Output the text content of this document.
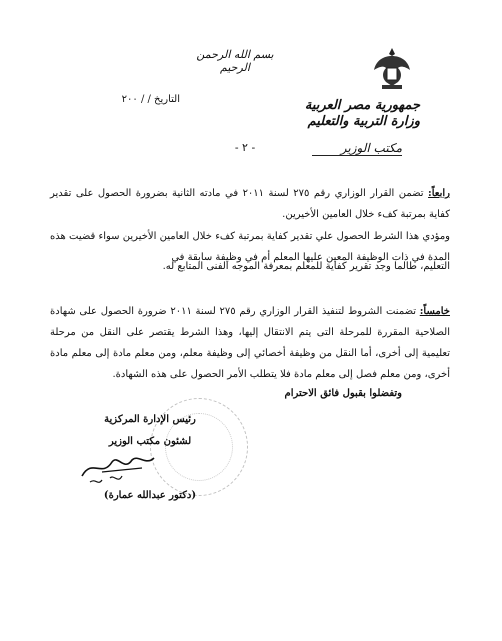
بسم الله الرحمن الرحيم
التاريخ / / ٢٠٠	جمهورية مصر العربية
وزارة التربية والتعليم
مكتب الوزير
- ٢ -
رابعاً: تضمن القرار الوزاري رقم ٢٧٥ لسنة ٢٠١١ في مادته الثانية بضرورة الحصول على تقدير كفاية بمرتبة كفء خلال العامين الأخيرين.
ومؤدي هذا الشرط الحصول علي تقدير كفاية بمرتبة كفء خلال العامين الأخيرين سواء قضيت هذه المدة في ذات الوظيفة المعين عليها المعلم أم في وظيفة سابقة في
التعليم، طالما وجد تقرير كفاية للمعلم بمعرفة الموجه الفنى المتابع له.
خامساً: تضمنت الشروط لتنفيذ القرار الوزاري رقم ٢٧٥ لسنة ٢٠١١ ضرورة الحصول على شهادة الصلاحية المقررة للمرحلة التى يتم الانتقال إليها، وهذا الشرط يقتصر على النقل من مرحلة تعليمية إلى أخرى، أما النقل من وظيفة أخصائي إلى وظيفة معلم، ومن معلم مادة إلى معلم مادة أخرى، ومن معلم فصل إلى معلم مادة فلا يتطلب الأمر الحصول على هذه الشهادة.
وتفضلوا بقبول فائق الاحترام
رئيس الإدارة المركزية
لشئون مكتب الوزير
(دكتور عبدالله عمارة)
